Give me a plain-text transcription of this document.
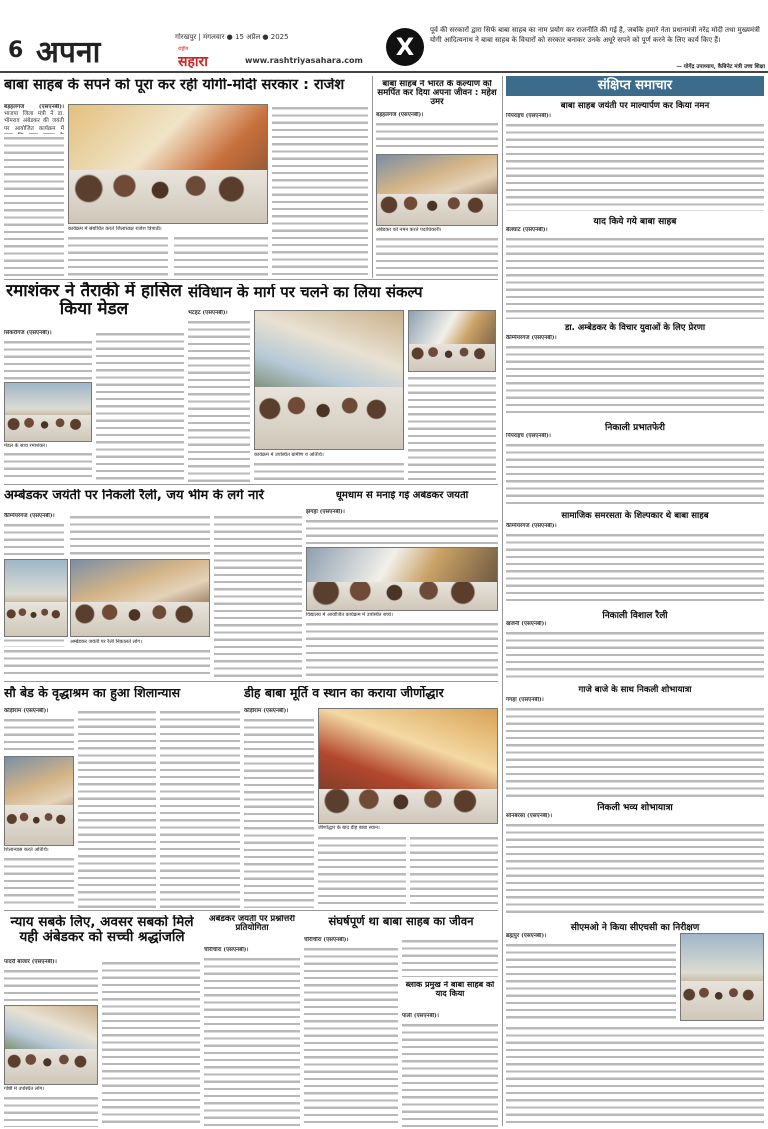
6 अपना	गोरखपुर | मंगलवार ● 15 अप्रैल ● 2025
राष्ट्रीय
सहारा	www.rashtriyasahara.com	X
पूर्व की सरकारों द्वारा सिर्फ बाबा साहब का नाम प्रयोग कर राजनीति की गई है, जबकि हमारे नेता प्रधानमंत्री नरेंद्र मोदी तथा मुख्यमंत्री योगी आदित्यनाथ ने बाबा साहब के विचारों को सरकार बनाकर उनके अधूरे सपने को पूर्ण करने के लिए कार्य किए हैं।
— योगेंद्र उपाध्याय, कैबिनेट मंत्री उच्च शिक्षा
बाबा साहब के सपने को पूरा कर रही योगी-मोदी सरकार : राजेश
बड़हलगंज (एसएनबी)। भाजपा जिला मंत्री ने डा. भीमराव अंबेडकर की जयंती पर आयोजित कार्यक्रम में
कार्यक्रम में संबोधित करते जिलाध्यक्ष राजेश त्रिपाठी।
बाबा साहब ने भारत के कल्याण को समर्पित कर दिया अपना जीवन : महेश उमर
बड़हलगंज (एसएनबी)।
अंबेडकर को नमन करते पदाधिकारी।
रमाशंकर ने तैराकी में हासिल किया मेडल
सिकरीगंज (एसएनबी)।
मेडल के साथ रमाशंकर।
संविधान के मार्ग पर चलने का लिया संकल्प
भटहट (एसएनबी)।
कार्यक्रम में उपस्थित ग्रामीण व अतिथि।
अम्बेडकर जयंती पर निकली रैली, जय भीम के लगे नारे
कैम्पियरगंज (एसएनबी)।
अम्बेडकर जयंती पर रैली निकालते लोग।
धूमधाम से मनाई गई अंबेडकर जयंती
झंगहा (एसएनबी)।
विद्यालय में आयोजित कार्यक्रम में उपस्थित बच्चे।
सौ बेड के वृद्धाश्रम का हुआ शिलान्यास
कौड़ीराम (एसएनबी)।
शिलान्यास करते अतिथि।
डीह बाबा मूर्ति व स्थान का कराया जीर्णोद्धार
कौड़ीराम (एसएनबी)।
जीर्णोद्धार के बाद डीह बाबा स्थान।
न्याय सबके लिए, अवसर सबको मिले यही अंबेडकर को सच्ची श्रद्धांजलि
पादरी बाजार (एसएनबी)।
गोष्ठी में उपस्थित लोग।
अंबेडकर जयंती पर प्रश्नोत्तरी प्रतियोगिता
चौरीचौरा (एसएनबी)।
संघर्षपूर्ण था बाबा साहब का जीवन
चौरीचौरा (एसएनबी)।
ब्लाक प्रमुख ने बाबा साहब को याद किया
पाली (एसएनबी)।
संक्षिप्त समाचार
बाबा साहब जयंती पर माल्यार्पण कर किया नमन
पिपराइच (एसएनबी)।
याद किये गये बाबा साहब
बेलघाट (एसएनबी)।
डा. अम्बेडकर के विचार युवाओं के लिए प्रेरणा
कैम्पियरगंज (एसएनबी)।
निकाली प्रभातफेरी
पिपराइच (एसएनबी)।
सामाजिक समरसता के शिल्पकार थे बाबा साहब
कैम्पियरगंज (एसएनबी)।
निकाली विशाल रैली
खजनी (एसएनबी)।
गाजे बाजे के साथ निकली शोभायात्रा
गगहा (एसएनबी)।
निकली भव्य शोभायात्रा
सोनबरसा (एसएनबी)।
सीएमओ ने किया सीएचसी का निरीक्षण
ब्रह्मपुर (एसएनबी)।
